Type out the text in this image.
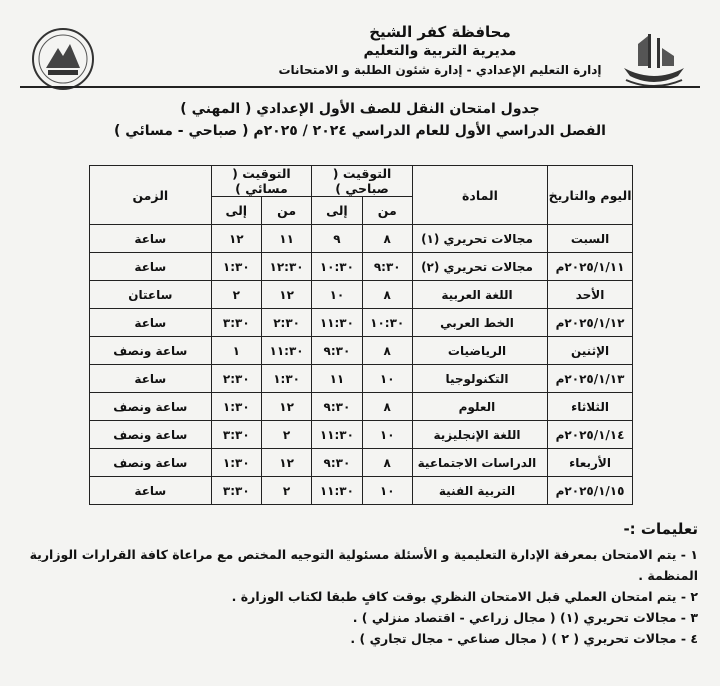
محافظة كفر الشيخ
مديرية التربية والتعليم
إدارة التعليم الإعدادي - إدارة شئون الطلبة و الامتحانات
جدول امتحان النقل للصف الأول الإعدادي ( المهني )
الفصل الدراسي الأول للعام الدراسي ٢٠٢٤ / ٢٠٢٥م ( صباحي - مسائي )
اليوم والتاريخ	المادة	التوقيت ( صباحي )		التوقيت ( مسائي )		الزمن
		من	إلى	من	إلى	
السبت	مجالات تحريري (١)	٨	٩	١١	١٢	ساعة
٢٠٢٥/١/١١م	مجالات تحريري (٢)	٩:٣٠	١٠:٣٠	١٢:٣٠	١:٣٠	ساعة
الأحد	اللغة العربية	٨	١٠	١٢	٢	ساعتان
٢٠٢٥/١/١٢م	الخط العربي	١٠:٣٠	١١:٣٠	٢:٣٠	٣:٣٠	ساعة
الإثنين	الرياضيات	٨	٩:٣٠	١١:٣٠	١	ساعة ونصف
٢٠٢٥/١/١٣م	التكنولوجيا	١٠	١١	١:٣٠	٢:٣٠	ساعة
الثلاثاء	العلوم	٨	٩:٣٠	١٢	١:٣٠	ساعة ونصف
٢٠٢٥/١/١٤م	اللغة الإنجليزية	١٠	١١:٣٠	٢	٣:٣٠	ساعة ونصف
الأربعاء	الدراسات الاجتماعية	٨	٩:٣٠	١٢	١:٣٠	ساعة ونصف
٢٠٢٥/١/١٥م	التربية الفنية	١٠	١١:٣٠	٢	٣:٣٠	ساعة
تعليمات :-
١ - يتم الامتحان بمعرفة الإدارة التعليمية و الأسئلة مسئولية التوجيه المختص مع مراعاة كافة القرارات الوزارية
المنظمة .
٢ - يتم امتحان العملي قبل الامتحان النظري بوقت كافٍ طبقا لكتاب الوزارة .
٣ - مجالات تحريري (١) ( مجال زراعي - اقتصاد منزلي ) .
٤ - مجالات تحريري ( ٢ ) ( مجال صناعي - مجال تجاري ) .
